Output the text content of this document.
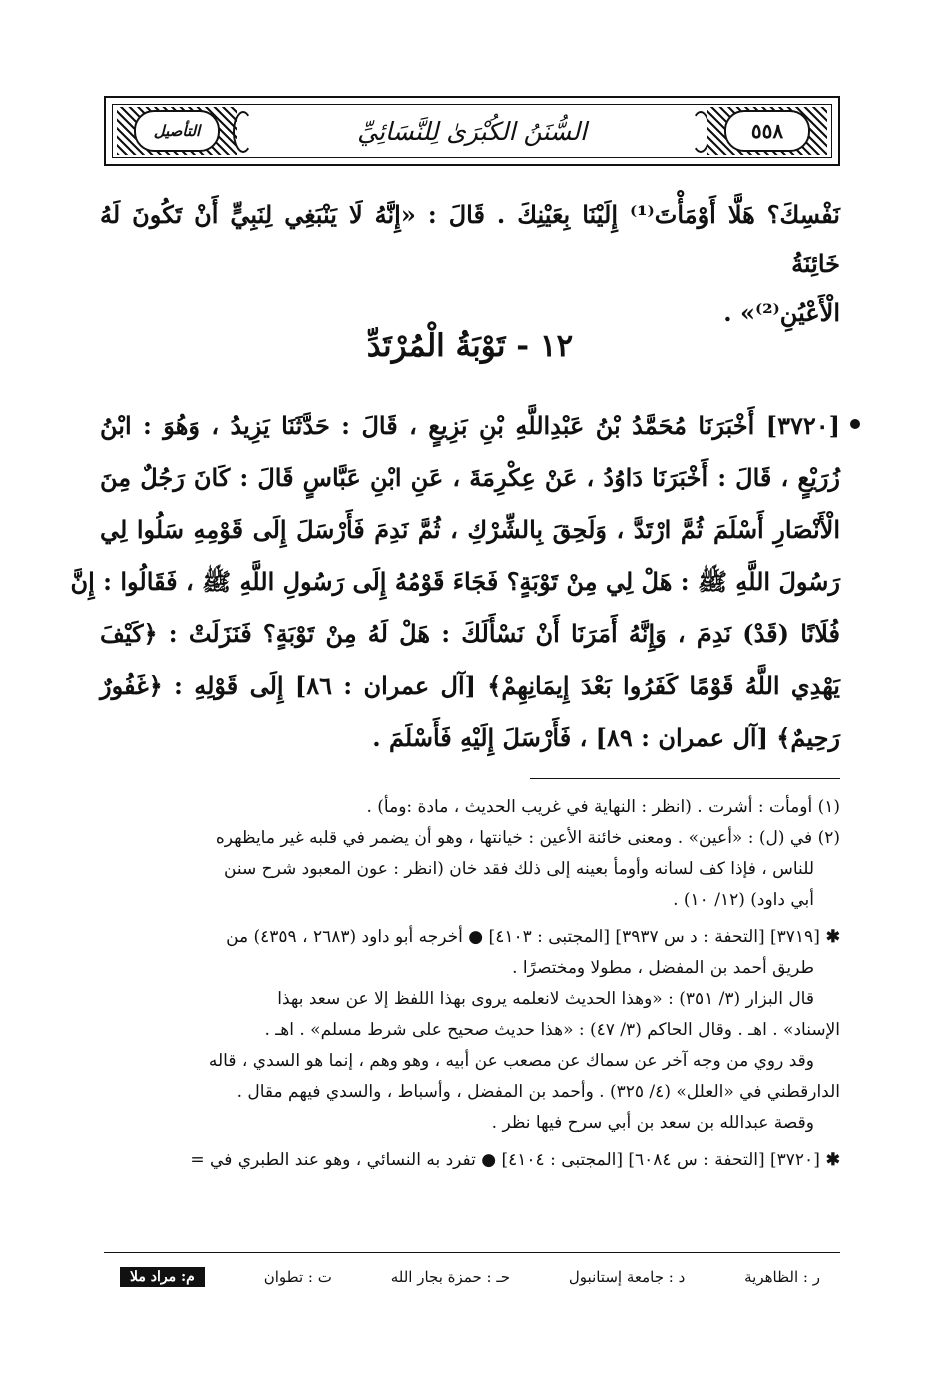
التأصيل	السُّنَنُ الكُبْرَىٰ لِلنَّسَائِيِّ	٥٥٨
نَفْسِكَ؟ هَلَّا أَوْمَأْتَ⁽¹⁾ إِلَيْنَا بِعَيْنِكَ . قَالَ : «إِنَّهُ لَا يَنْبَغِي لِنَبِيٍّ أَنْ تَكُونَ لَهُ خَائِنَةُ
الْأَعْيُنِ⁽²⁾» .
١٢ - تَوْبَةُ الْمُرْتَدِّ
[٣٧٢٠] أَخْبَرَنَا مُحَمَّدُ بْنُ عَبْدِاللَّهِ بْنِ بَزِيعٍ ، قَالَ : حَدَّثَنَا يَزِيدُ ، وَهُوَ : ابْنُ
زُرَيْعٍ ، قَالَ : أَخْبَرَنَا دَاوُدُ ، عَنْ عِكْرِمَةَ ، عَنِ ابْنِ عَبَّاسٍ قَالَ : كَانَ رَجُلٌ مِنَ
الْأَنْصَارِ أَسْلَمَ ثُمَّ ارْتَدَّ ، وَلَحِقَ بِالشِّرْكِ ، ثُمَّ نَدِمَ فَأَرْسَلَ إِلَى قَوْمِهِ سَلُوا لِي
رَسُولَ اللَّهِ ﷺ : هَلْ لِي مِنْ تَوْبَةٍ؟ فَجَاءَ قَوْمُهُ إِلَى رَسُولِ اللَّهِ ﷺ ، فَقَالُوا : إِنَّ
فُلَانًا (قَدْ) نَدِمَ ، وَإِنَّهُ أَمَرَنَا أَنْ نَسْأَلَكَ : هَلْ لَهُ مِنْ تَوْبَةٍ؟ فَنَزَلَتْ : ﴿كَيْفَ
يَهْدِي اللَّهُ قَوْمًا كَفَرُوا بَعْدَ إِيمَانِهِمْ﴾ [آل عمران : ٨٦] إِلَى قَوْلِهِ : ﴿غَفُورٌ
رَحِيمٌ﴾ [آل عمران : ٨٩] ، فَأَرْسَلَ إِلَيْهِ فَأَسْلَمَ .
(١) أومأت : أشرت . (انظر : النهاية في غريب الحديث ، مادة :ومأ) .
(٢) في (ل) : «أعين» . ومعنى خائنة الأعين : خيانتها ، وهو أن يضمر في قلبه غير مايظهره
للناس ، فإذا كف لسانه وأومأ بعينه إلى ذلك فقد خان (انظر : عون المعبود شرح سنن
أبي داود) (١٢/ ١٠) .
✱ [٣٧١٩] [التحفة : د س ٣٩٣٧] [المجتبى : ٤١٠٣] ● أخرجه أبو داود (٢٦٨٣ ، ٤٣٥٩) من
طريق أحمد بن المفضل ، مطولا ومختصرًا .
قال البزار (٣/ ٣٥١) : «وهذا الحديث لانعلمه يروى بهذا اللفظ إلا عن سعد بهذا
الإسناد» . اهـ . وقال الحاكم (٣/ ٤٧) : «هذا حديث صحيح على شرط مسلم» . اهـ .
وقد روي من وجه آخر عن سماك عن مصعب عن أبيه ، وهو وهم ، إنما هو السدي ، قاله
الدارقطني في «العلل» (٤/ ٣٢٥) . وأحمد بن المفضل ، وأسباط ، والسدي فيهم مقال .
وقصة عبدالله بن سعد بن أبي سرح فيها نظر .
✱ [٣٧٢٠] [التحفة : س ٦٠٨٤] [المجتبى : ٤١٠٤] ● تفرد به النسائي ، وهو عند الطبري في =
م: مراد ملا	ت : تطوان	حـ : حمزة بجار الله	د : جامعة إستانبول	ر : الظاهرية
